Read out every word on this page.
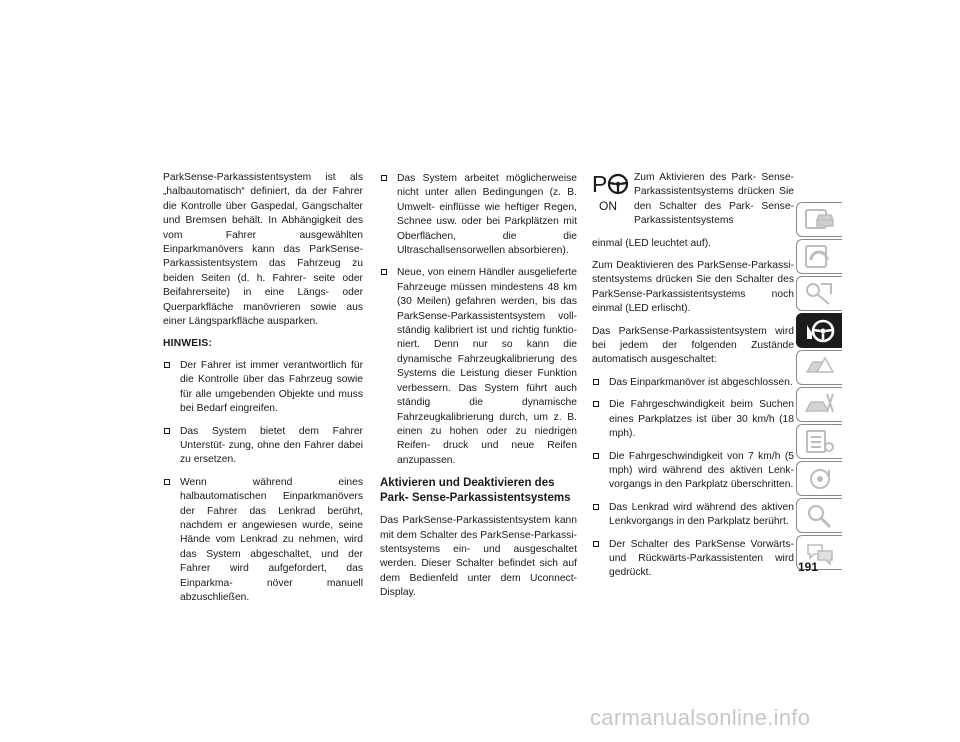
ParkSense-Parkassistentsystem ist als „halbautomatisch“ definiert, da der Fahrer die Kontrolle über Gaspedal, Gangschalter und Bremsen behält. In Abhängigkeit des vom Fahrer ausgewählten Einparkmanövers kann das ParkSense-Parkassistentsystem das Fahrzeug zu beiden Seiten (d. h. Fahrer- seite oder Beifahrerseite) in eine Längs- oder Querparkfläche manövrieren sowie aus einer Längsparkfläche ausparken.

HINWEIS:
Der Fahrer ist immer verantwortlich für die Kontrolle über das Fahrzeug sowie für alle umgebenden Objekte und muss bei Bedarf eingreifen.
Das System bietet dem Fahrer Unterstüt- zung, ohne den Fahrer dabei zu ersetzen.
Wenn während eines halbautomatischen Einparkmanövers der Fahrer das Lenkrad berührt, nachdem er angewiesen wurde, seine Hände vom Lenkrad zu nehmen, wird das System abgeschaltet, und der Fahrer wird aufgefordert, das Einparkma- növer manuell abzuschließen.
Das System arbeitet möglicherweise nicht unter allen Bedingungen (z. B. Umwelt- einflüsse wie heftiger Regen, Schnee usw. oder bei Parkplätzen mit Oberflächen, die die Ultraschallsensorwellen absorbieren).
Neue, von einem Händler ausgelieferte Fahrzeuge müssen mindestens 48 km (30 Meilen) gefahren werden, bis das ParkSense-Parkassistentsystem voll- ständig kalibriert ist und richtig funktio- niert. Denn nur so kann die dynamische Fahrzeugkalibrierung des Systems die Leistung dieser Funktion verbessern. Das System führt auch ständig die dynamische Fahrzeugkalibrierung durch, um z. B. einen zu hohen oder zu niedrigen Reifen- druck und neue Reifen anzupassen.
Aktivieren und Deaktivieren des Park- Sense-Parkassistentsystems

Das ParkSense-Parkassistentsystem kann mit dem Schalter des ParkSense-Parkassi- stentsystems ein- und ausgeschaltet werden. Dieser Schalter befindet sich auf dem Bedienfeld unter dem Uconnect-Display.

P
ON

Zum Aktivieren des Park- Sense-Parkassistentsystems drücken Sie den Schalter des Park- Sense-Parkassistentsystems

einmal (LED leuchtet auf).

Zum Deaktivieren des ParkSense-Parkassi- stentsystems drücken Sie den Schalter des ParkSense-Parkassistentsystems noch einmal (LED erlischt).

Das ParkSense-Parkassistentsystem wird bei jedem der folgenden Zustände automatisch ausgeschaltet:

Das Einparkmanöver ist abgeschlossen.
Die Fahrgeschwindigkeit beim Suchen eines Parkplatzes ist über 30 km/h (18 mph).
Die Fahrgeschwindigkeit von 7 km/h (5 mph) wird während des aktiven Lenk- vorgangs in den Parkplatz überschritten.
Das Lenkrad wird während des aktiven Lenkvorgangs in den Parkplatz berührt.
Der Schalter des ParkSense Vorwärts- und Rückwärts-Parkassistenten wird gedrückt.	191
carmanualsonline.info
